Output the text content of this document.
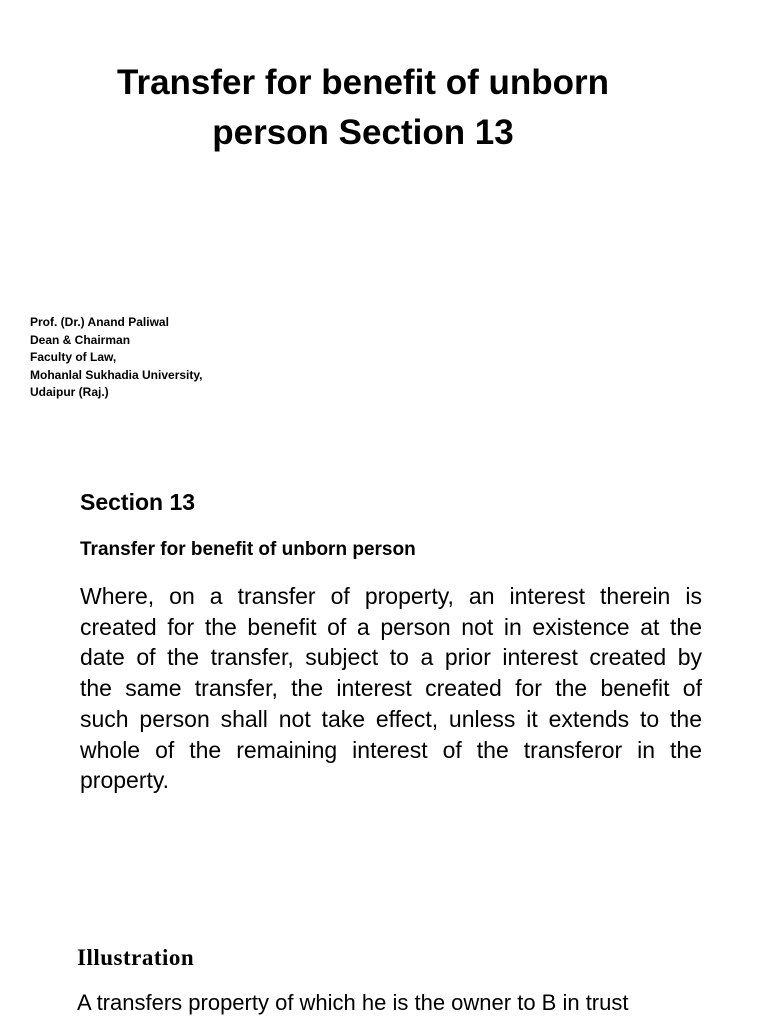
Transfer for benefit of unborn
person Section 13
Prof. (Dr.) Anand Paliwal
Dean & Chairman
Faculty of Law,
Mohanlal Sukhadia University,
Udaipur (Raj.)
Section 13
Transfer for benefit of unborn person

Where, on a transfer of property, an interest therein is
created for the benefit of a person not in existence at the
date of the transfer, subject to a prior interest created by
the same transfer, the interest created for the benefit of
such person shall not take effect, unless it extends to the
whole of the remaining interest of the transferor in the
property.

Illustration

A transfers property of which he is the owner to B in trust
